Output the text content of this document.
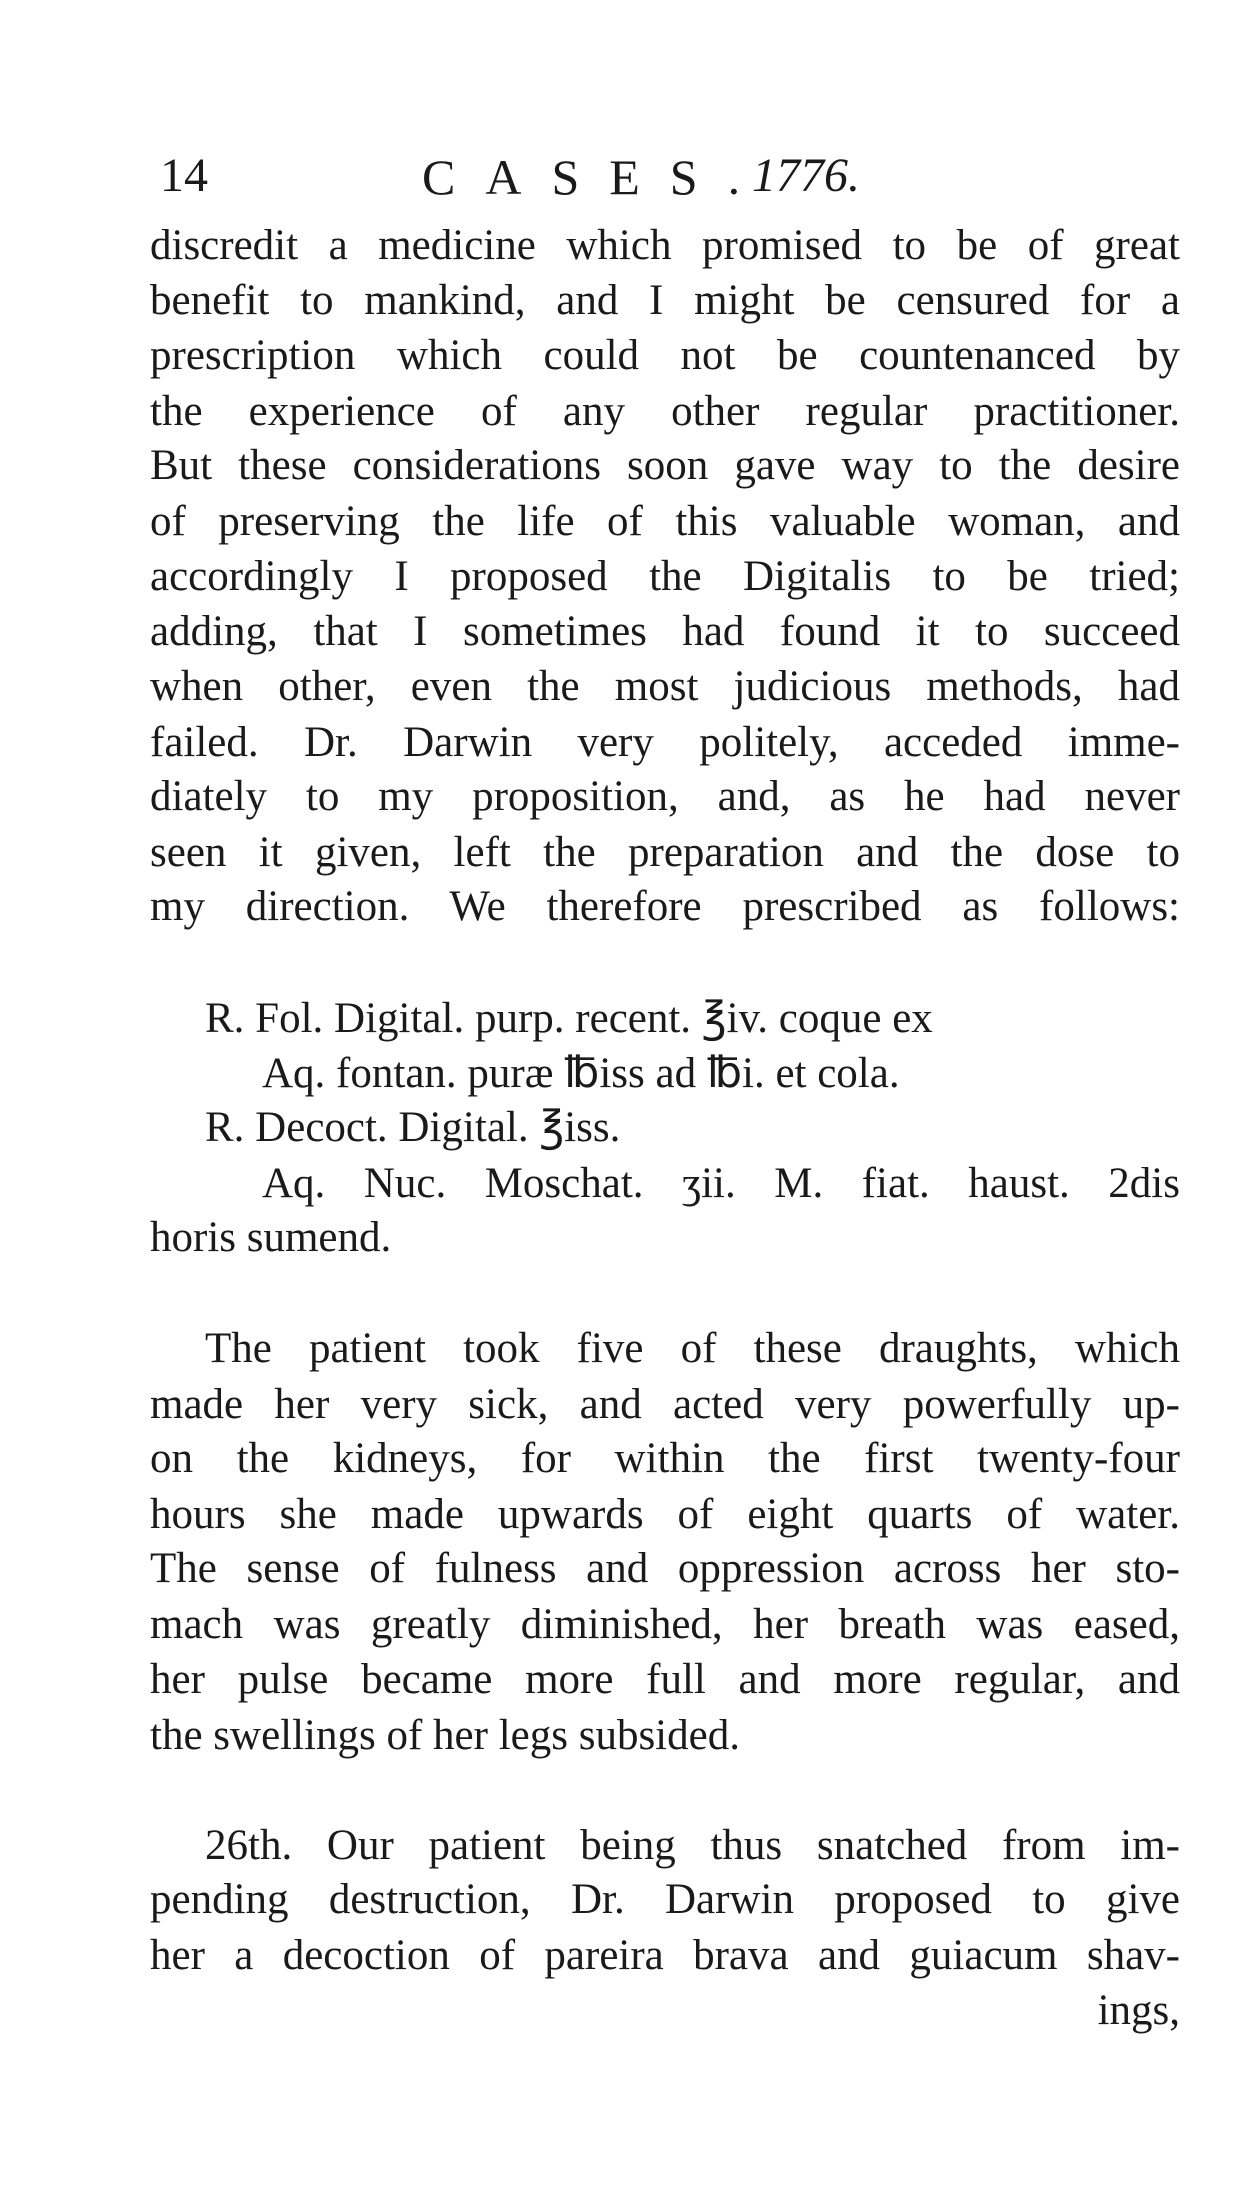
14	CASES.
1776.
discredit a medicine which promised to be of great
benefit to mankind, and I might be censured for a
prescription which could not be countenanced by
the experience of any other regular practitioner.
But these considerations soon gave way to the desire
of preserving the life of this valuable woman, and
accordingly I proposed the Digitalis to be tried;
adding, that I sometimes had found it to succeed
when other, even the most judicious methods, had
failed. Dr. Darwin very politely, acceded imme-
diately to my proposition, and, as he had never
seen it given, left the preparation and the dose to
my direction. We therefore prescribed as follows:
R. Fol. Digital. purp. recent. ℥iv. coque ex
Aq. fontan. puræ ℔iss ad ℔i. et cola.
R. Decoct. Digital. ℥iss.
Aq. Nuc. Moschat. ʒii. M. fiat. haust. 2dis
horis sumend.
The patient took five of these draughts, which
made her very sick, and acted very powerfully up-
on the kidneys, for within the first twenty-four
hours she made upwards of eight quarts of water.
The sense of fulness and oppression across her sto-
mach was greatly diminished, her breath was eased,
her pulse became more full and more regular, and
the swellings of her legs subsided.
26th. Our patient being thus snatched from im-
pending destruction, Dr. Darwin proposed to give
her a decoction of pareira brava and guiacum shav-
ings,
